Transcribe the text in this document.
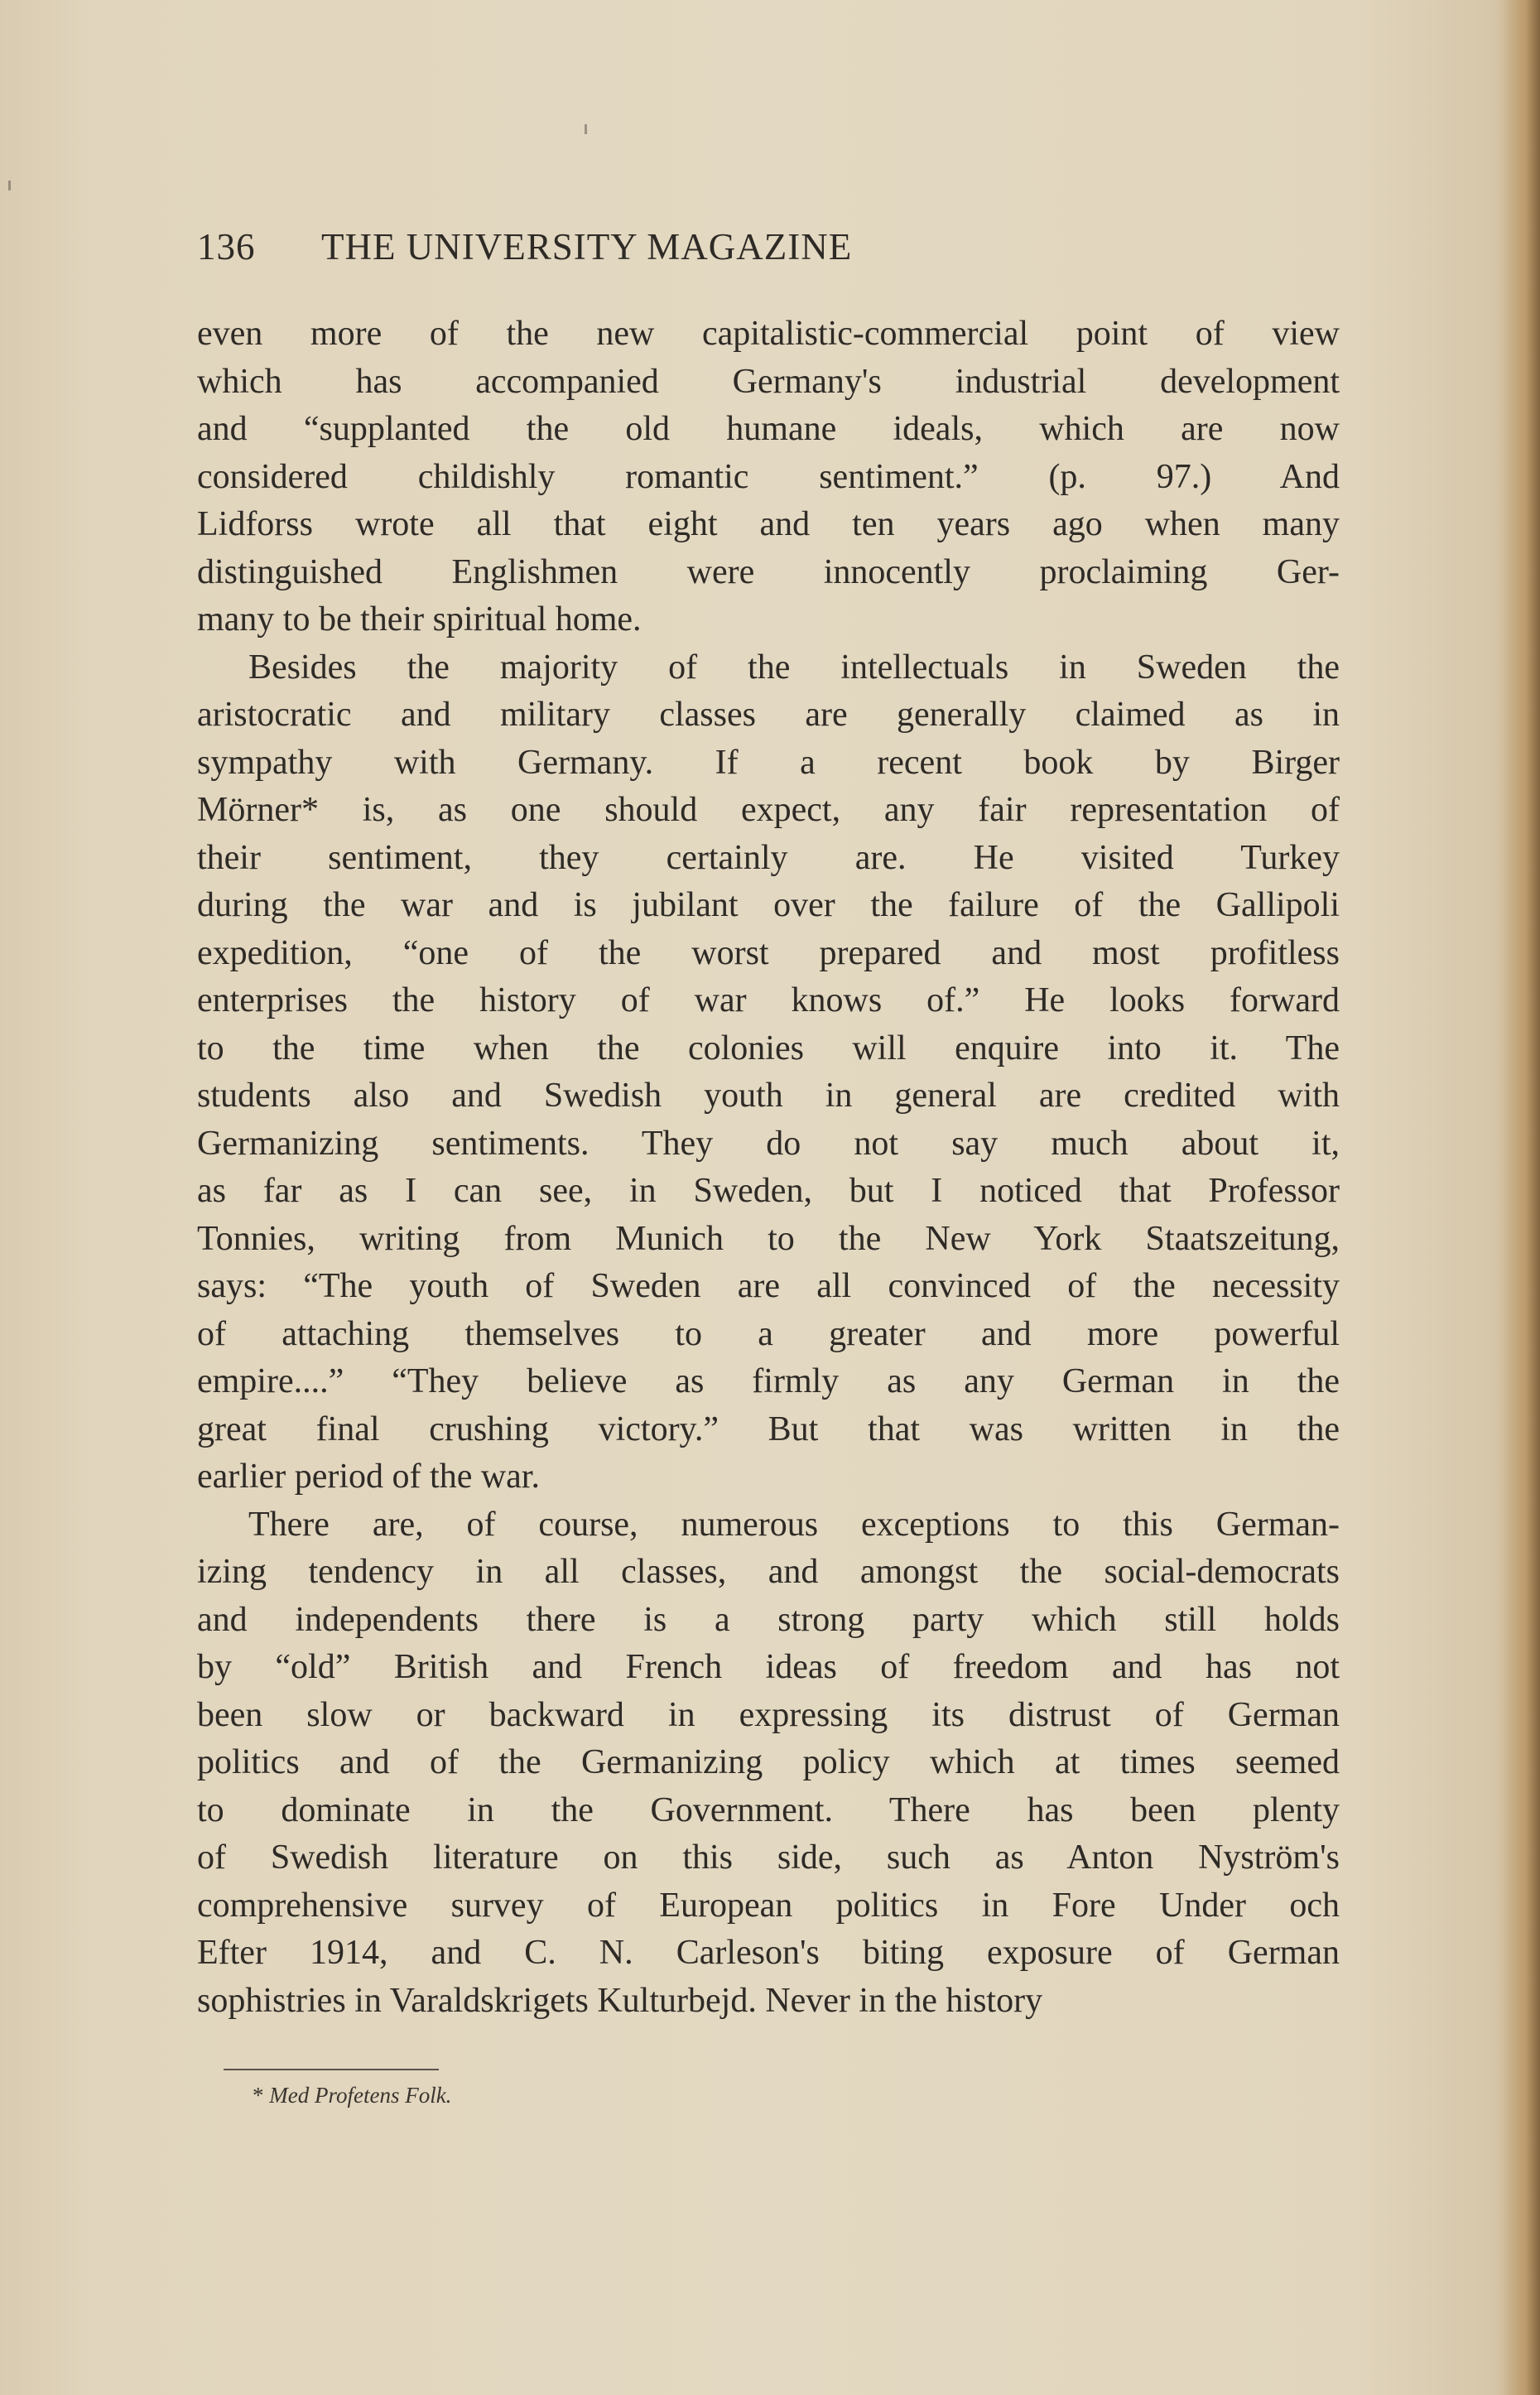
136 THE UNIVERSITY MAGAZINE
even more of the new capitalistic-commercial point of view
which has accompanied Germany's industrial development
and “supplanted the old humane ideals, which are now
considered childishly romantic sentiment.” (p. 97.) And
Lidforss wrote all that eight and ten years ago when many
distinguished Englishmen were innocently proclaiming Ger-
many to be their spiritual home.
Besides the majority of the intellectuals in Sweden the
aristocratic and military classes are generally claimed as in
sympathy with Germany. If a recent book by Birger
Mörner* is, as one should expect, any fair representation of
their sentiment, they certainly are. He visited Turkey
during the war and is jubilant over the failure of the Gallipoli
expedition, “one of the worst prepared and most profitless
enterprises the history of war knows of.” He looks forward
to the time when the colonies will enquire into it. The
students also and Swedish youth in general are credited with
Germanizing sentiments. They do not say much about it,
as far as I can see, in Sweden, but I noticed that Professor
Tonnies, writing from Munich to the New York Staatszeitung,
says: “The youth of Sweden are all convinced of the necessity
of attaching themselves to a greater and more powerful
empire....” “They believe as firmly as any German in the
great final crushing victory.” But that was written in the
earlier period of the war.
There are, of course, numerous exceptions to this German-
izing tendency in all classes, and amongst the social-democrats
and independents there is a strong party which still holds
by “old” British and French ideas of freedom and has not
been slow or backward in expressing its distrust of German
politics and of the Germanizing policy which at times seemed
to dominate in the Government. There has been plenty
of Swedish literature on this side, such as Anton Nyström's
comprehensive survey of European politics in Fore Under och
Efter 1914, and C. N. Carleson's biting exposure of German
sophistries in Varaldskrigets Kulturbejd. Never in the history
* Med Profetens Folk.
